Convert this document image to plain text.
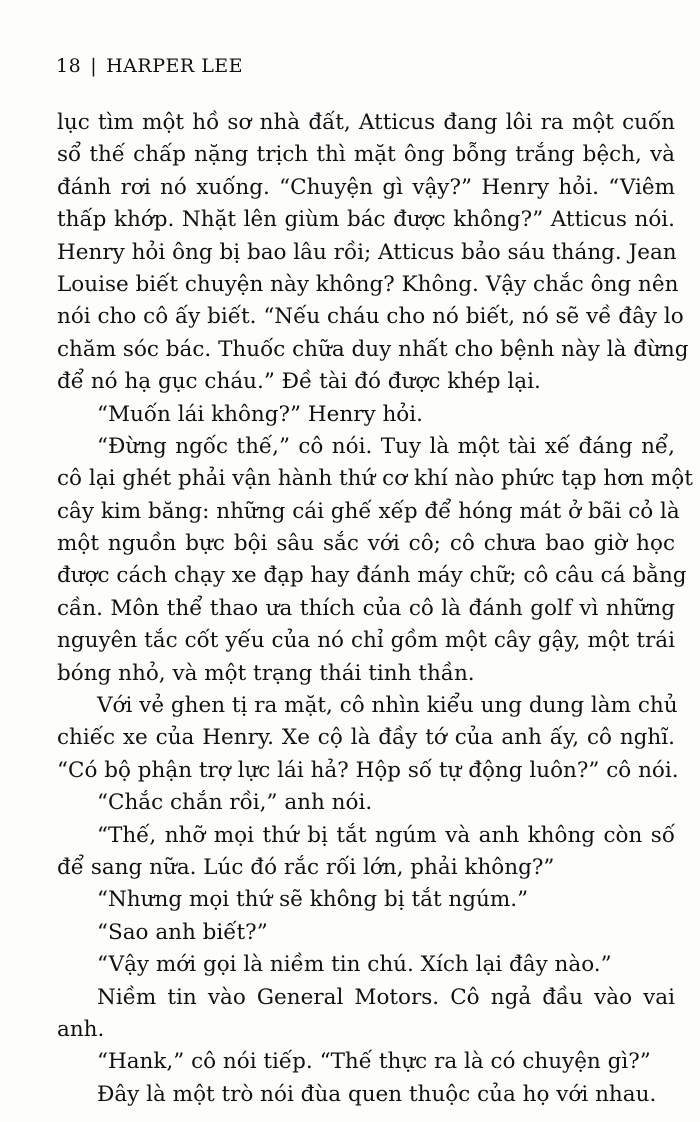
18 | HARPER LEE
lục tìm một hồ sơ nhà đất, Atticus đang lôi ra một cuốn
sổ thế chấp nặng trịch thì mặt ông bỗng trắng bệch, và
đánh rơi nó xuống. “Chuyện gì vậy?” Henry hỏi. “Viêm
thấp khớp. Nhặt lên giùm bác được không?” Atticus nói.
Henry hỏi ông bị bao lâu rồi; Atticus bảo sáu tháng. Jean
Louise biết chuyện này không? Không. Vậy chắc ông nên
nói cho cô ấy biết. “Nếu cháu cho nó biết, nó sẽ về đây lo
chăm sóc bác. Thuốc chữa duy nhất cho bệnh này là đừng
để nó hạ gục cháu.” Đề tài đó được khép lại.
“Muốn lái không?” Henry hỏi.
“Đừng ngốc thế,” cô nói. Tuy là một tài xế đáng nể,
cô lại ghét phải vận hành thứ cơ khí nào phức tạp hơn một
cây kim băng: những cái ghế xếp để hóng mát ở bãi cỏ là
một nguồn bực bội sâu sắc với cô; cô chưa bao giờ học
được cách chạy xe đạp hay đánh máy chữ; cô câu cá bằng
cần. Môn thể thao ưa thích của cô là đánh golf vì những
nguyên tắc cốt yếu của nó chỉ gồm một cây gậy, một trái
bóng nhỏ, và một trạng thái tinh thần.
Với vẻ ghen tị ra mặt, cô nhìn kiểu ung dung làm chủ
chiếc xe của Henry. Xe cộ là đầy tớ của anh ấy, cô nghĩ.
“Có bộ phận trợ lực lái hả? Hộp số tự động luôn?” cô nói.
“Chắc chắn rồi,” anh nói.
“Thế, nhỡ mọi thứ bị tắt ngúm và anh không còn số
để sang nữa. Lúc đó rắc rối lớn, phải không?”
“Nhưng mọi thứ sẽ không bị tắt ngúm.”
“Sao anh biết?”
“Vậy mới gọi là niềm tin chú. Xích lại đây nào.”
Niềm tin vào General Motors. Cô ngả đầu vào vai
anh.
“Hank,” cô nói tiếp. “Thế thực ra là có chuyện gì?”
Đây là một trò nói đùa quen thuộc của họ với nhau.
